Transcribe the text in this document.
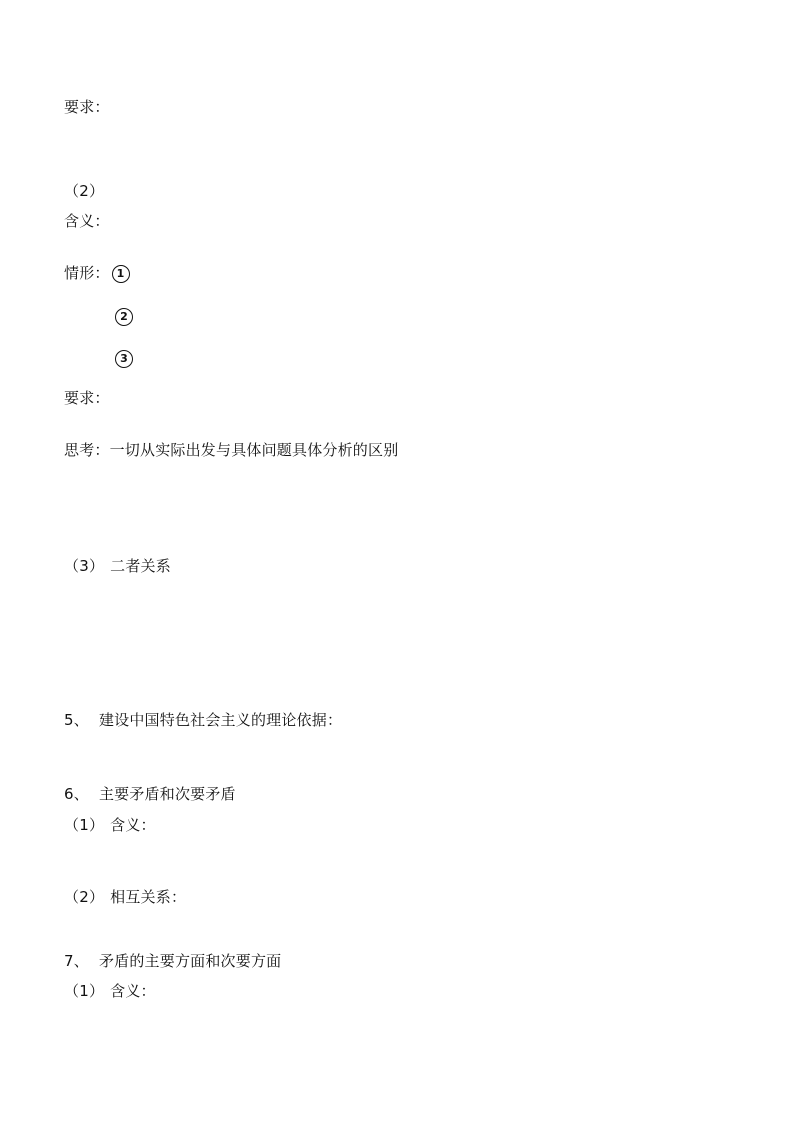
要求：
（2）
含义：
情形： 1
2
3
要求：
思考：一切从实际出发与具体问题具体分析的区别
（3） 二者关系
5、 建设中国特色社会主义的理论依据：
6、 主要矛盾和次要矛盾
（1） 含义：
（2） 相互关系：
7、 矛盾的主要方面和次要方面
（1） 含义：
